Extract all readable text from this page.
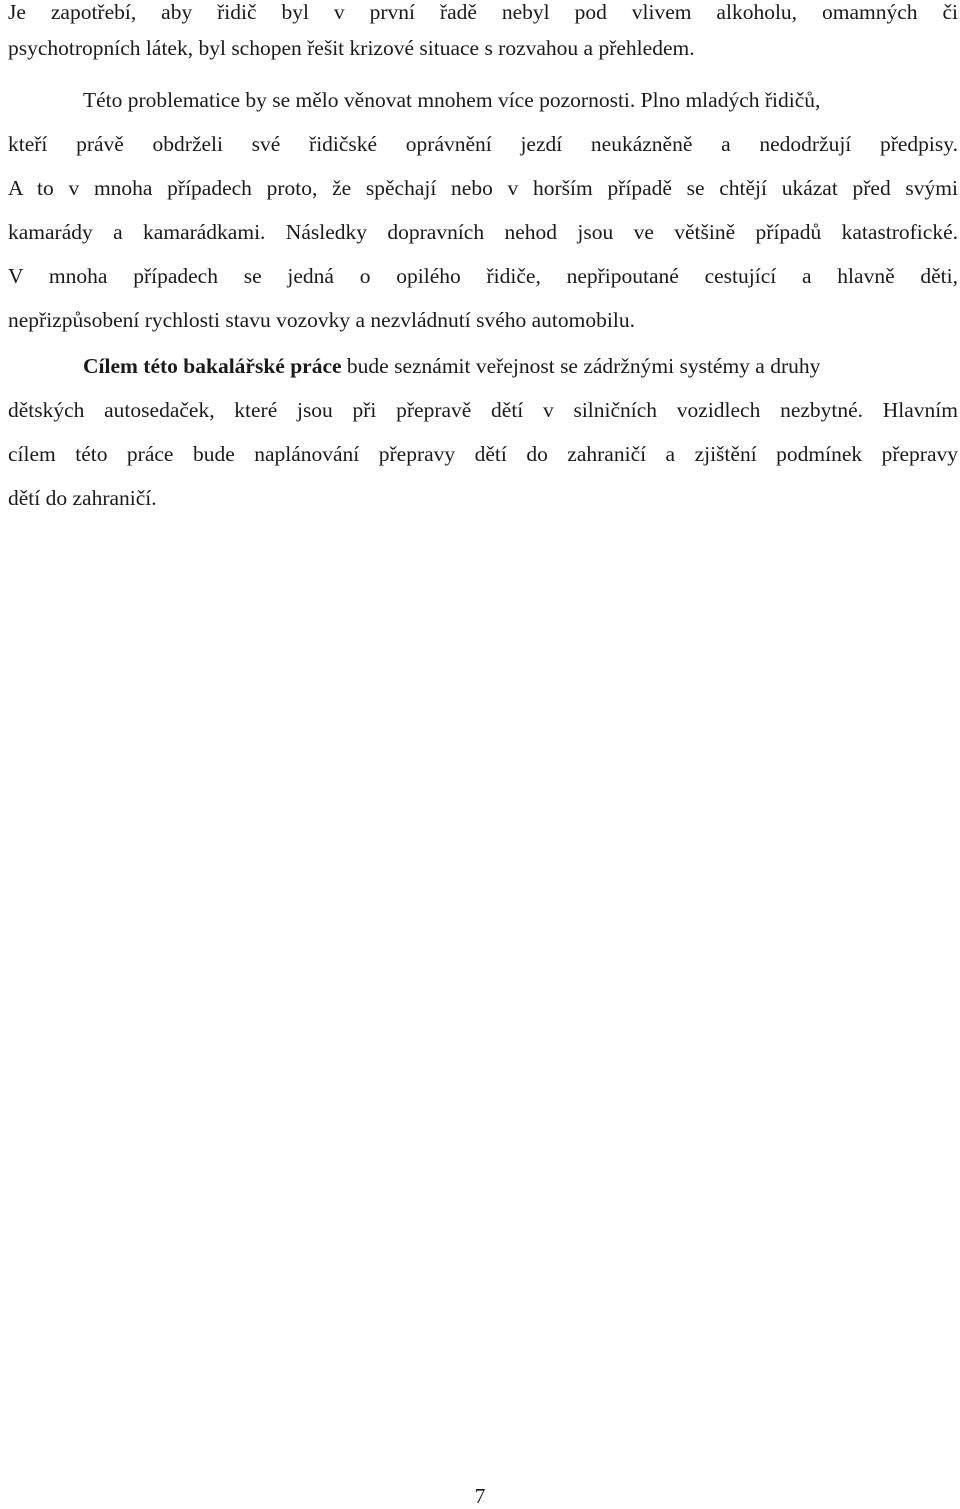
Je zapotřebí, aby řidič byl v první řadě nebyl pod vlivem alkoholu, omamných či
psychotropních látek, byl schopen řešit krizové situace s rozvahou a přehledem.
Této problematice by se mělo věnovat mnohem více pozornosti. Plno mladých řidičů,
kteří právě obdrželi své řidičské oprávnění jezdí neukázněně a nedodržují předpisy.
A to v mnoha případech proto, že spěchají nebo v horším případě se chtějí ukázat před svými
kamarády a kamarádkami. Následky dopravních nehod jsou ve většině případů katastrofické.
V mnoha případech se jedná o opilého řidiče, nepřipoutané cestující a hlavně děti,
nepřizpůsobení rychlosti stavu vozovky a nezvládnutí svého automobilu.
Cílem této bakalářské práce bude seznámit veřejnost se zádržnými systémy a druhy
dětských autosedaček, které jsou při přepravě dětí v silničních vozidlech nezbytné. Hlavním
cílem této práce bude naplánování přepravy dětí do zahraničí a zjištění podmínek přepravy
dětí do zahraničí.
7
